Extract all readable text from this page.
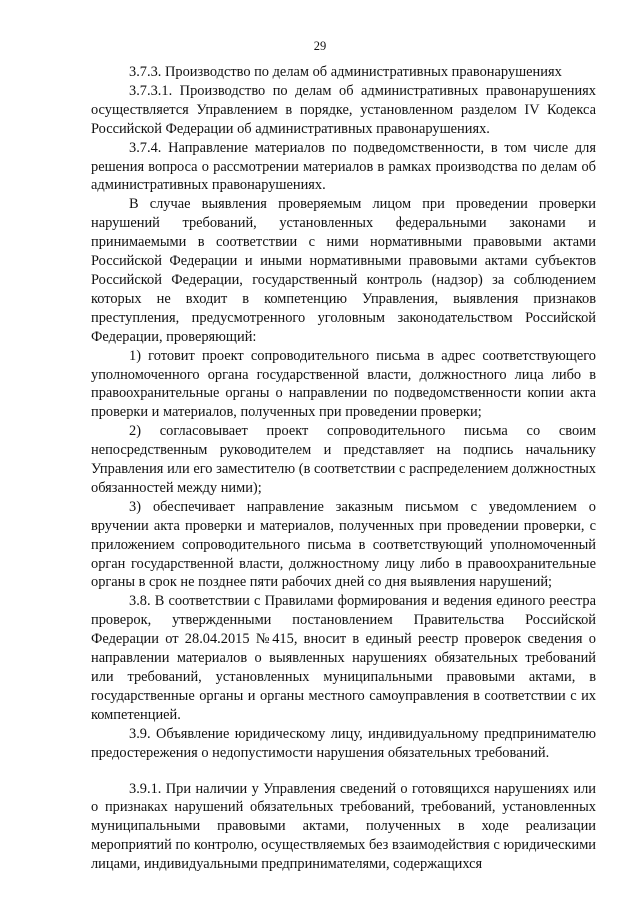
29

3.7.3. Производство по делам об административных правонарушениях

3.7.3.1. Производство по делам об административных правонарушениях осуществляется Управлением в порядке, установленном разделом IV Кодекса Российской Федерации об административных правонарушениях.

3.7.4. Направление материалов по подведомственности, в том числе для решения вопроса о рассмотрении материалов в рамках производства по делам об административных правонарушениях.

В случае выявления проверяемым лицом при проведении проверки нарушений требований, установленных федеральными законами и принимаемыми в соответствии с ними нормативными правовыми актами Российской Федерации и иными нормативными правовыми актами субъектов Российской Федерации, государственный контроль (надзор) за соблюдением которых не входит в компетенцию Управления, выявления признаков преступления, предусмотренного уголовным законодательством Российской Федерации, проверяющий:

1) готовит проект сопроводительного письма в адрес соответствующего уполномоченного органа государственной власти, должностного лица либо в правоохранительные органы о направлении по подведомственности копии акта проверки и материалов, полученных при проведении проверки;

2) согласовывает проект сопроводительного письма со своим непосредственным руководителем и представляет на подпись начальнику Управления или его заместителю (в соответствии с распределением должностных обязанностей между ними);

3) обеспечивает направление заказным письмом с уведомлением о вручении акта проверки и материалов, полученных при проведении проверки, с приложением сопроводительного письма в соответствующий уполномоченный орган государственной власти, должностному лицу либо в правоохранительные органы в срок не позднее пяти рабочих дней со дня выявления нарушений;

3.8. В соответствии с Правилами формирования и ведения единого реестра проверок, утвержденными постановлением Правительства Российской Федерации от 28.04.2015 №415, вносит в единый реестр проверок сведения о направлении материалов о выявленных нарушениях обязательных требований или требований, установленных муниципальными правовыми актами, в государственные органы и органы местного самоуправления в соответствии с их компетенцией.

3.9. Объявление юридическому лицу, индивидуальному предпринимателю предостережения о недопустимости нарушения обязательных требований.

3.9.1. При наличии у Управления сведений о готовящихся нарушениях или о признаках нарушений обязательных требований, требований, установленных муниципальными правовыми актами, полученных в ходе реализации мероприятий по контролю, осуществляемых без взаимодействия с юридическими лицами, индивидуальными предпринимателями, содержащихся
